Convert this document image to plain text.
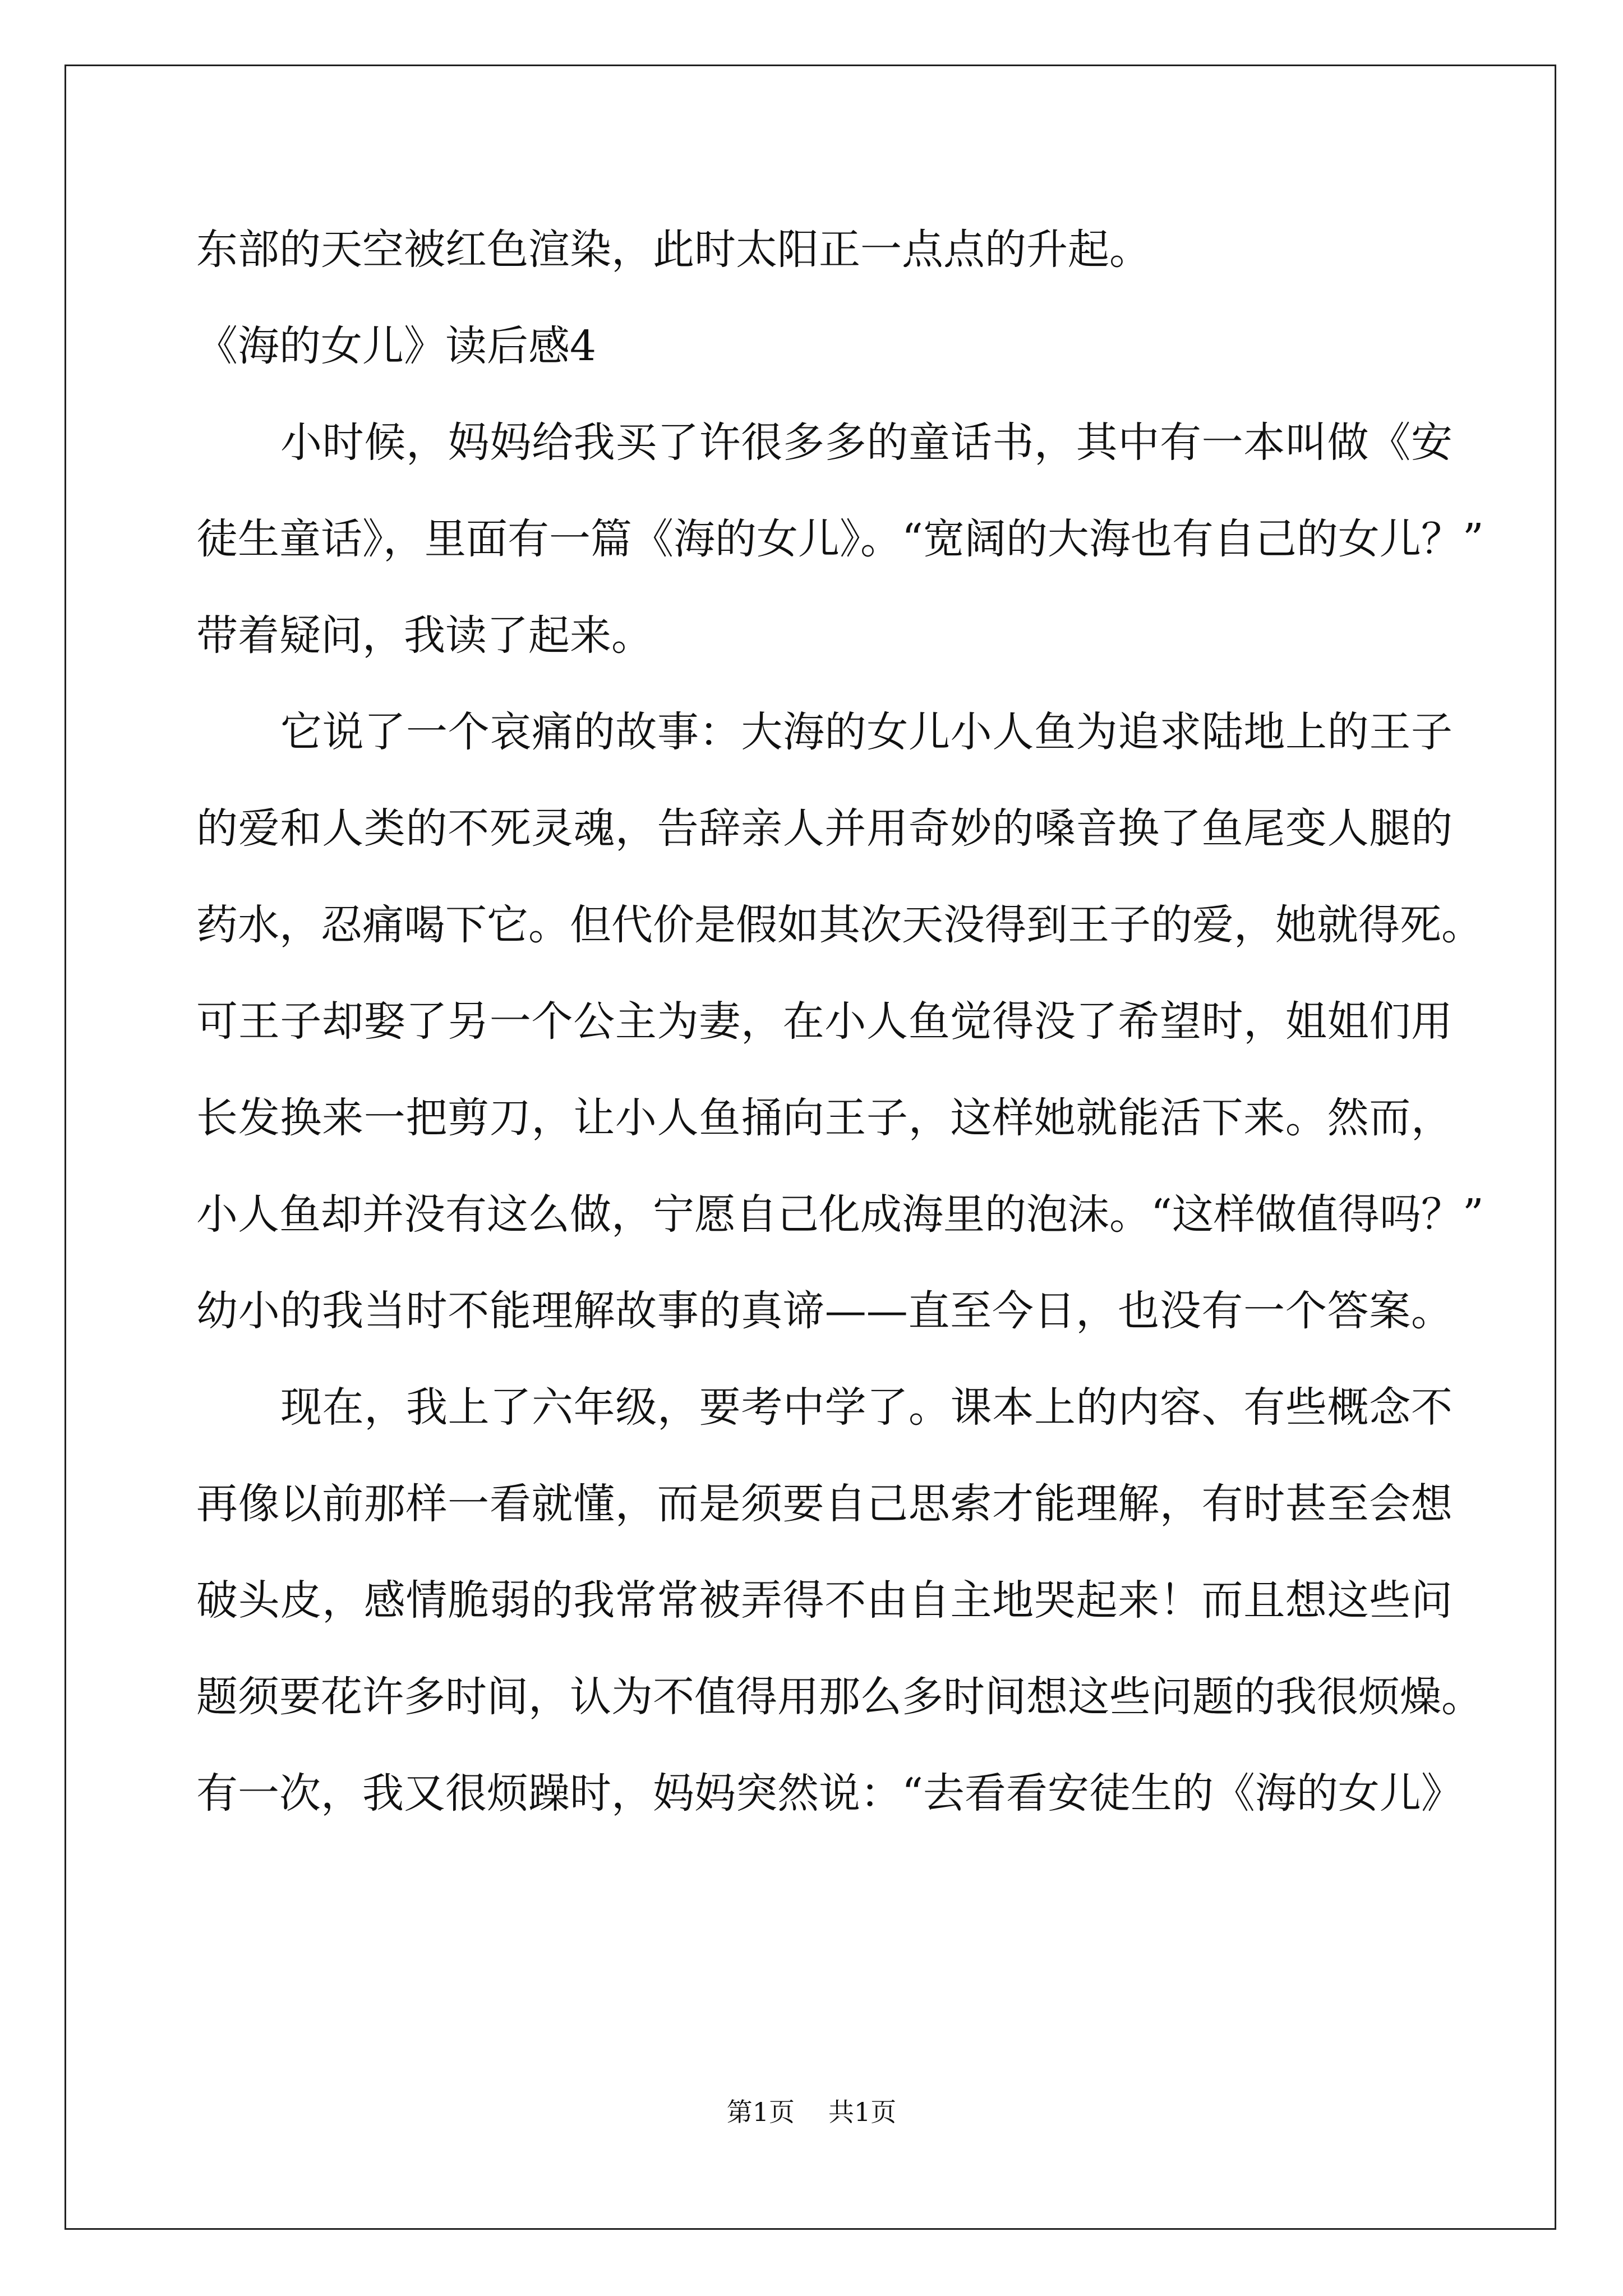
东部的天空被红色渲染，此时太阳正一点点的升起。
《海的女儿》读后感4
小时候，妈妈给我买了许很多多的童话书，其中有一本叫做《安
徒生童话》，里面有一篇《海的女儿》。“宽阔的大海也有自己的女儿？”
带着疑问，我读了起来。
它说了一个哀痛的故事：大海的女儿小人鱼为追求陆地上的王子
的爱和人类的不死灵魂，告辞亲人并用奇妙的嗓音换了鱼尾变人腿的
药水，忍痛喝下它。但代价是假如其次天没得到王子的爱，她就得死。
可王子却娶了另一个公主为妻，在小人鱼觉得没了希望时，姐姐们用
长发换来一把剪刀，让小人鱼捅向王子，这样她就能活下来。然而，
小人鱼却并没有这么做，宁愿自己化成海里的泡沫。“这样做值得吗？”
幼小的我当时不能理解故事的真谛——直至今日，也没有一个答案。
现在，我上了六年级，要考中学了。课本上的内容、有些概念不
再像以前那样一看就懂，而是须要自己思索才能理解，有时甚至会想
破头皮，感情脆弱的我常常被弄得不由自主地哭起来！而且想这些问
题须要花许多时间，认为不值得用那么多时间想这些问题的我很烦燥。
有一次，我又很烦躁时，妈妈突然说：“去看看安徒生的《海的女儿》
第1页 共1页
